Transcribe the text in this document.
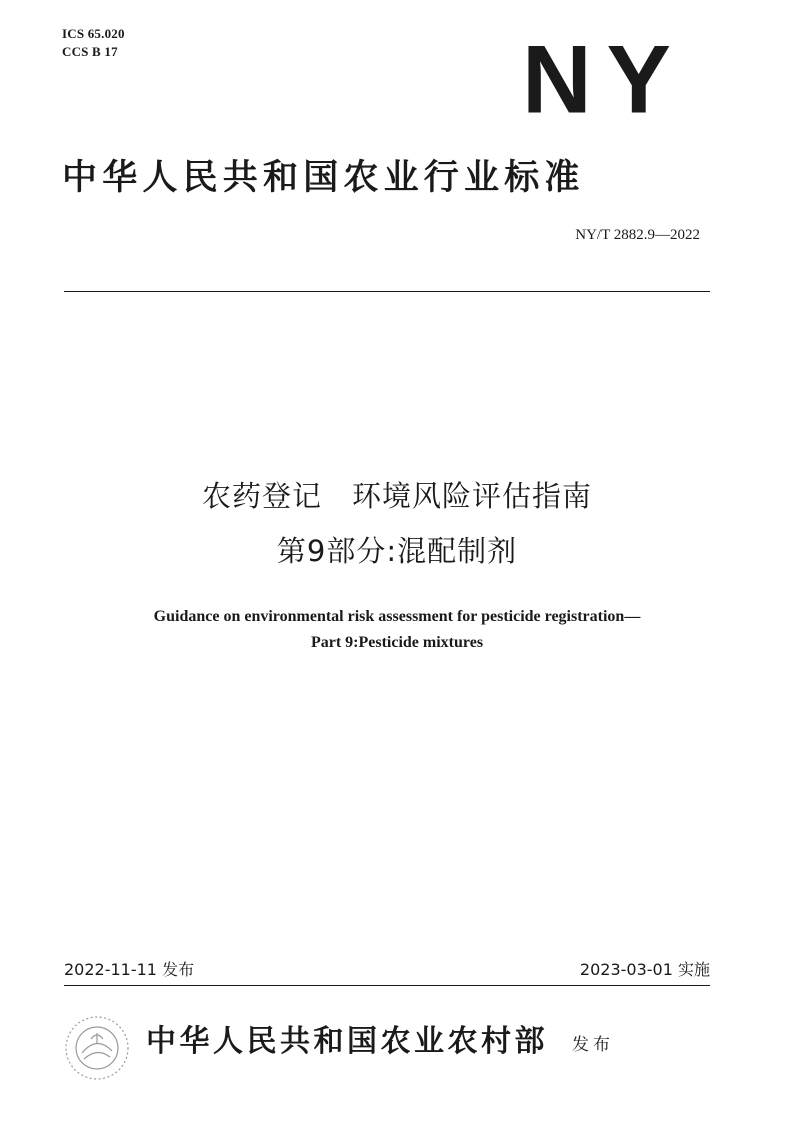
ICS 65.020
CCS B 17	NY
中华人民共和国农业行业标准
NY/T 2882.9—2022
农药登记　环境风险评估指南
第9部分:混配制剂
Guidance on environmental risk assessment for pesticide registration—
Part 9:Pesticide mixtures
2022-11-11 发布	2023-03-01 实施
中华人民共和国农业农村部 发布
